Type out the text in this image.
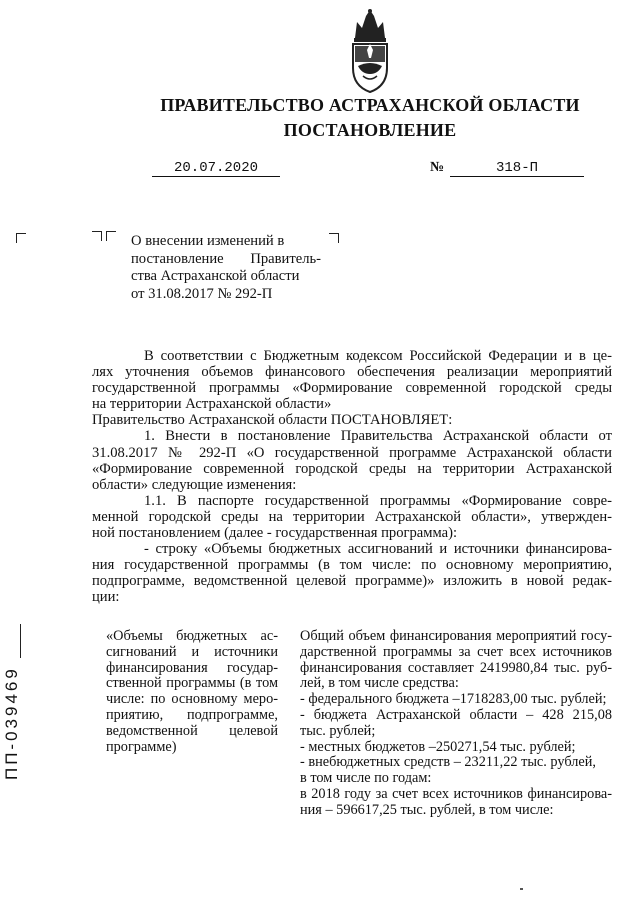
ПРАВИТЕЛЬСТВО АСТРАХАНСКОЙ ОБЛАСТИ
ПОСТАНОВЛЕНИЕ
20.07.2020	№	318-П
О внесении изменений в
постановление Правитель-
ства Астраханской области
от 31.08.2017 № 292-П
В соответствии с Бюджетным кодексом Российской Федерации и в це-
лях уточнения объемов финансового обеспечения реализации мероприятий
государственной программы «Формирование современной городской среды
на территории Астраханской области»
Правительство Астраханской области ПОСТАНОВЛЯЕТ:
1. Внести в постановление Правительства Астраханской области от
31.08.2017 № 292-П «О государственной программе Астраханской области
«Формирование современной городской среды на территории Астраханской
области» следующие изменения:
1.1. В паспорте государственной программы «Формирование совре-
менной городской среды на территории Астраханской области», утвержден-
ной постановлением (далее - государственная программа):
- строку «Объемы бюджетных ассигнований и источники финансирова-
ния государственной программы (в том числе: по основному мероприятию,
подпрограмме, ведомственной целевой программе)» изложить в новой редак-
ции:
«Объемы бюджетных ас-
сигнований и источники
финансирования государ-
ственной программы (в том
числе: по основному меро-
приятию, подпрограмме,
ведомственной целевой
программе)
Общий объем финансирования мероприятий госу-
дарственной программы за счет всех источников
финансирования составляет 2419980,84 тыс. руб-
лей, в том числе средства:
- федерального бюджета –1718283,00 тыс. рублей;
- бюджета Астраханской области – 428 215,08
тыс. рублей;
- местных бюджетов –250271,54 тыс. рублей;
- внебюджетных средств – 23211,22 тыс. рублей,
в том числе по годам:
в 2018 году за счет всех источников финансирова-
ния – 596617,25 тыс. рублей, в том числе:
ПП-039469
